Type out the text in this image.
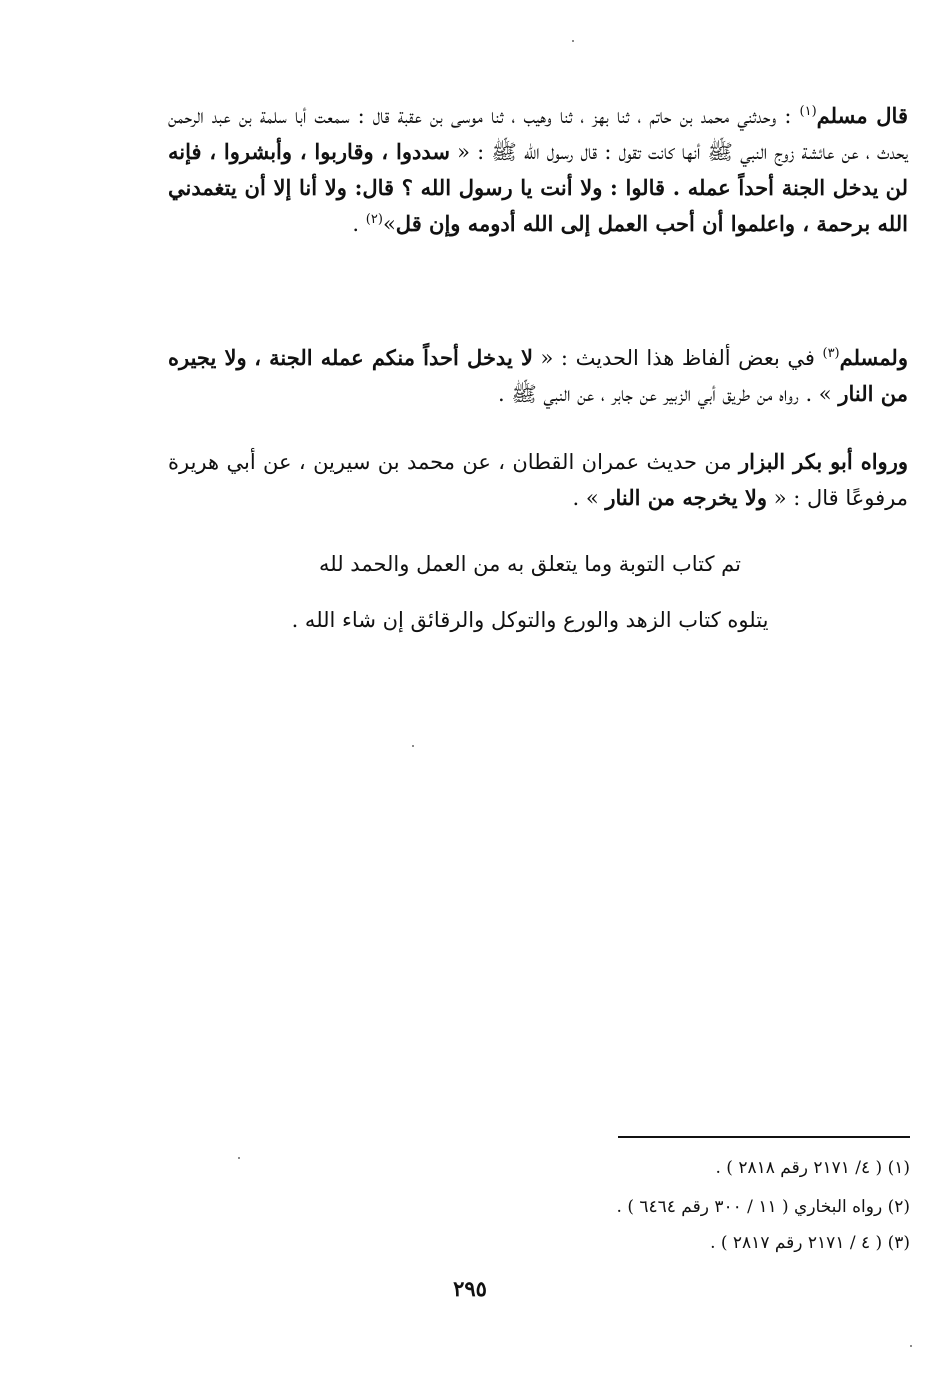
قال مسلم$^{(١)}$ : وحدثني محمد بن حاتم ، ثنا بهز ، ثنا وهيب ، ثنا موسى بن عقبة قال : سمعت أبا سلمة بن عبد الرحمن يحدث ، عن عائشة زوج النبي ﷺ أنها كانت تقول : قال رسول الله ﷺ : « سددوا ، وقاربوا ، وأبشروا ، فإنه لن يدخل الجنة أحداً عمله . قالوا : ولا أنت يا رسول الله ؟ قال: ولا أنا إلا أن يتغمدني الله برحمة ، واعلموا أن أحب العمل إلى الله أدومه وإن قل»$^{(٢)}$ .
ولمسلم$^{(٣)}$ في بعض ألفاظ هذا الحديث : « لا يدخل أحداً منكم عمله الجنة ، ولا يجيره من النار » . رواه من طريق أبي الزبير عن جابر ، عن النبي ﷺ .
ورواه أبو بكر البزار من حديث عمران القطان ، عن محمد بن سيرين ، عن أبي هريرة مرفوعًا قال : « ولا يخرجه من النار » .
تم كتاب التوبة وما يتعلق به من العمل والحمد لله
يتلوه كتاب الزهد والورع والتوكل والرقائق إن شاء الله .
(١) ( ٤/ ٢١٧١ رقم ٢٨١٨ ) .
(٢) رواه البخاري ( ١١ / ٣٠٠ رقم ٦٤٦٤ ) .
(٣) ( ٤ / ٢١٧١ رقم ٢٨١٧ ) .
٢٩٥
